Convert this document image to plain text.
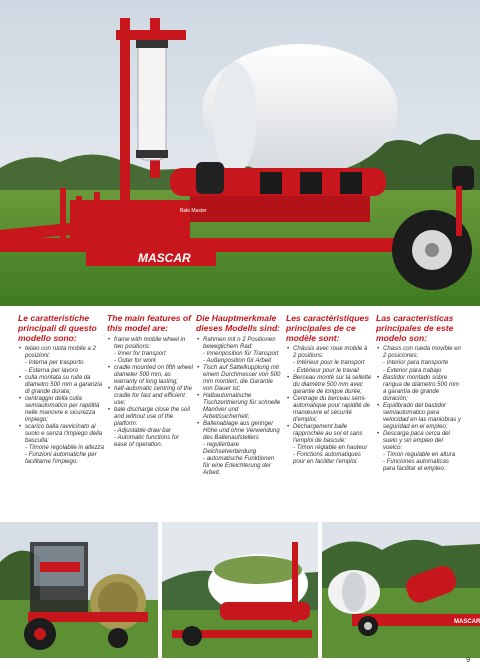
MASCAR
Bale Master
Le caratteristiche principali di questo modello sono:
• telaio con ruota mobile a 2 posizioni:
- Interna per trasporto
- Esterna per lavoro
• culla montata su rulla da diametro 500 mm a garanzia di grande durata;
• centraggio della culla semiautomatico per rapidità nelle manovre e sicurezza impiego;
• scarico balla ravvicinato al suolo e senza l'impiego della basculla:
- Timone regolabile in altezza
- Funzioni automatiche per facilitarne l'impiego.
The main features of this model are:
• frame with mobile wheel in two positions:
- Inner for transport
- Outer for work
• cradle mounted on fifth wheel diameter 500 mm, as warranty of long lasting;
• half-automatic centring of the cradle for fast and efficient use;
• bale discharge close the soil and without use of the platform:
- Adjustable draw bar
- Automatic functions for ease of operation.
Die Hauptmerkmale dieses Modells sind:
• Rahmen mit n 2 Positionen beweglichem Rad:
- Innenposition für Transport
- Außenposition für Arbeit
• Tisch auf Sattelkupplung mit einem Durchmesser von 500 mm montiert, die Garantie von Dauer ist;
• Halbautomatische Tischzentrierung für schnelle Manöver und Arbeitssicherheit;
• Ballenablage aus geringer Höhe und ohne Verwendung des Ballenaufstellers
- regulierbare Deichselverbindung
- automatische Funktionen für eine Erleichterung der Arbeit.
Les caractéristiques principales de ce modèle sont:
• Châssis avec roue mobile à 2 positions:
- Intérieur pour le transport
- Extérieur pour le travail
• Berceau monté sur la sellette du diamètre 500 mm avec garantie de longue durée;
• Centrage du berceau semi-automatique pour rapidité de manœuvre et sécurité d'emploi;
• Déchargement balle rapprochée au sol et sans l'emploi de bascule:
- Timon réglable en hauteur
- Fonctions automatiques pour en faciliter l'emploi.
Las características principales de este modelo son:
• Chasis con rueda movible en 2 posiciones:
- Interior para transporte
- Exterior para trabajo
• Bastidor montado sobre rangua de diámetro 500 mm a garantía de grande duración;
• Equilibrado del bastidor semiautomatico para velocidad en las maniobras y seguridad en el empleo;
• Descarga paca cerca del suelo y sin empleo del vuelco:
- Timon regulable en altura
- Funciones automaticas para facilitar el empleo.
MASCAR
9
